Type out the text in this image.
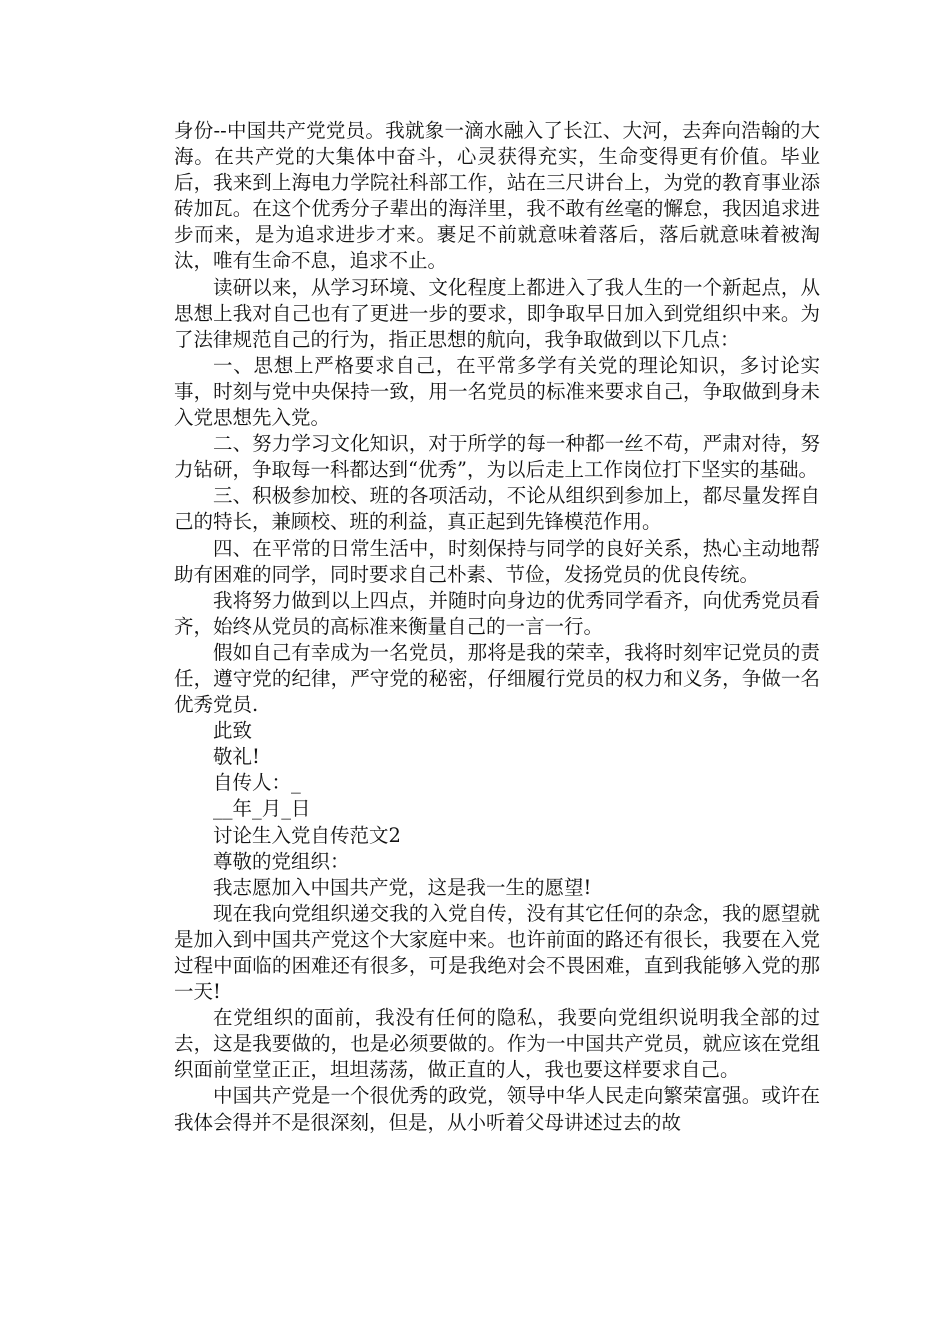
身份--中国共产党党员。我就象一滴水融入了长江、大河，去奔向浩翰的大海。在共产党的大集体中奋斗，心灵获得充实，生命变得更有价值。毕业后，我来到上海电力学院社科部工作，站在三尺讲台上，为党的教育事业添砖加瓦。在这个优秀分子辈出的海洋里，我不敢有丝毫的懈怠，我因追求进步而来，是为追求进步才来。裹足不前就意味着落后，落后就意味着被淘汰，唯有生命不息，追求不止。

读研以来，从学习环境、文化程度上都进入了我人生的一个新起点，从思想上我对自己也有了更进一步的要求，即争取早日加入到党组织中来。为了法律规范自己的行为，指正思想的航向，我争取做到以下几点：

一、思想上严格要求自己，在平常多学有关党的理论知识，多讨论实事，时刻与党中央保持一致，用一名党员的标准来要求自己，争取做到身未入党思想先入党。

二、努力学习文化知识，对于所学的每一种都一丝不苟，严肃对待，努力钻研，争取每一科都达到“优秀”，为以后走上工作岗位打下坚实的基础。

三、积极参加校、班的各项活动，不论从组织到参加上，都尽量发挥自己的特长，兼顾校、班的利益，真正起到先锋模范作用。

四、在平常的日常生活中，时刻保持与同学的良好关系，热心主动地帮助有困难的同学，同时要求自己朴素、节俭，发扬党员的优良传统。

我将努力做到以上四点，并随时向身边的优秀同学看齐，向优秀党员看齐，始终从党员的高标准来衡量自己的一言一行。

假如自己有幸成为一名党员，那将是我的荣幸，我将时刻牢记党员的责任，遵守党的纪律，严守党的秘密，仔细履行党员的权力和义务，争做一名优秀党员.

此致
敬礼!
自传人：_
__年_月_日
讨论生入党自传范文2
尊敬的党组织：
我志愿加入中国共产党，这是我一生的愿望!

现在我向党组织递交我的入党自传，没有其它任何的杂念，我的愿望就是加入到中国共产党这个大家庭中来。也许前面的路还有很长，我要在入党过程中面临的困难还有很多，可是我绝对会不畏困难，直到我能够入党的那一天!

在党组织的面前，我没有任何的隐私，我要向党组织说明我全部的过去，这是我要做的，也是必须要做的。作为一中国共产党员，就应该在党组织面前堂堂正正，坦坦荡荡，做正直的人，我也要这样要求自己。

中国共产党是一个很优秀的政党，领导中华人民走向繁荣富强。或许在我体会得并不是很深刻，但是，从小听着父母讲述过去的故
